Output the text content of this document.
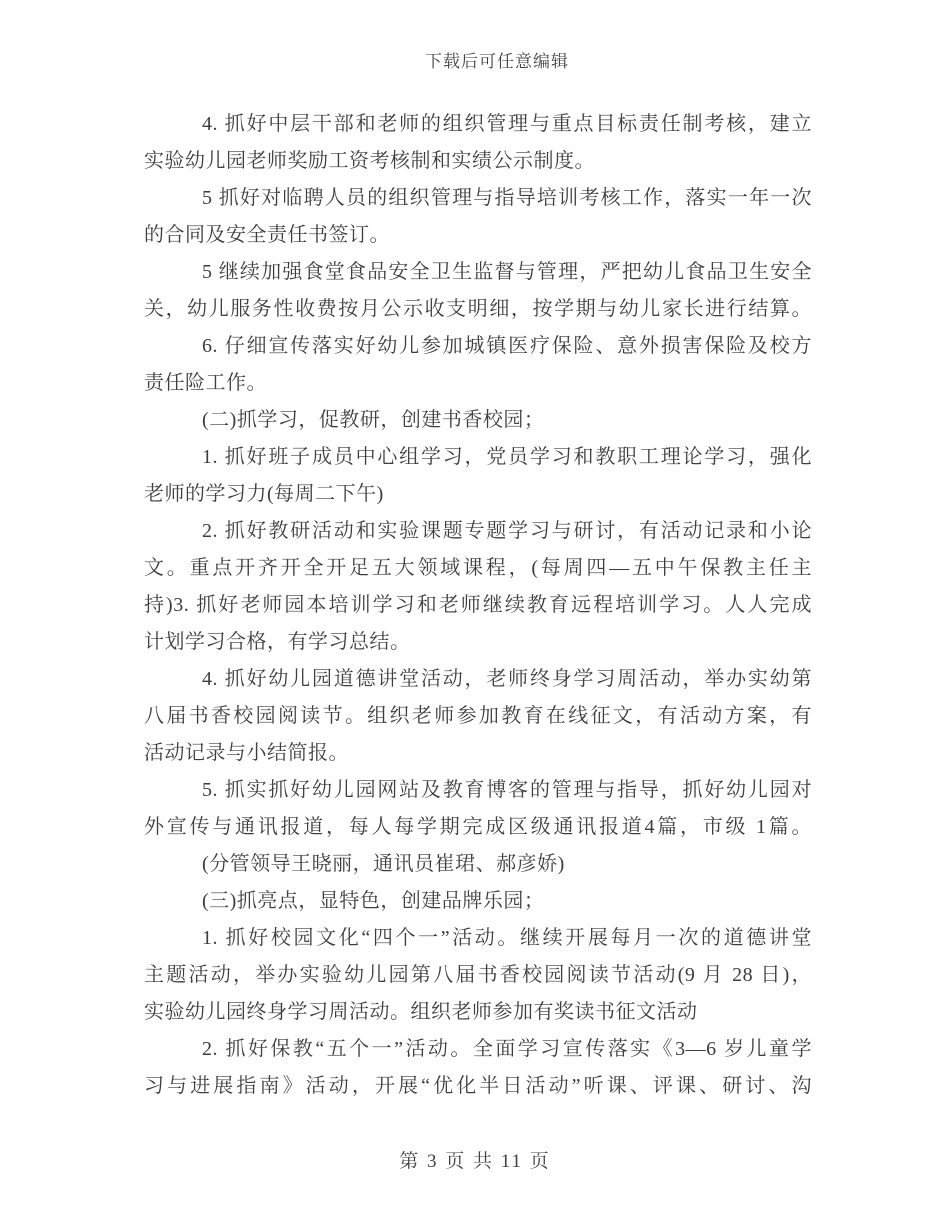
下载后可任意编辑
4. 抓好中层干部和老师的组织管理与重点目标责任制考核，建立
实验幼儿园老师奖励工资考核制和实绩公示制度。
5 抓好对临聘人员的组织管理与指导培训考核工作，落实一年一次
的合同及安全责任书签订。
5 继续加强食堂食品安全卫生监督与管理，严把幼儿食品卫生安全
关，幼儿服务性收费按月公示收支明细，按学期与幼儿家长进行结算。
6. 仔细宣传落实好幼儿参加城镇医疗保险、意外损害保险及校方
责任险工作。
(二)抓学习，促教研，创建书香校园；
1. 抓好班子成员中心组学习，党员学习和教职工理论学习，强化
老师的学习力(每周二下午)
2. 抓好教研活动和实验课题专题学习与研讨，有活动记录和小论
文。重点开齐开全开足五大领域课程，(每周四—五中午保教主任主
持)3. 抓好老师园本培训学习和老师继续教育远程培训学习。人人完成
计划学习合格，有学习总结。
4. 抓好幼儿园道德讲堂活动，老师终身学习周活动，举办实幼第
八届书香校园阅读节。组织老师参加教育在线征文，有活动方案，有
活动记录与小结简报。
5. 抓实抓好幼儿园网站及教育博客的管理与指导，抓好幼儿园对
外宣传与通讯报道，每人每学期完成区级通讯报道4篇，市级 1篇。
(分管领导王晓丽，通讯员崔珺、郝彦娇)
(三)抓亮点，显特色，创建品牌乐园；
1. 抓好校园文化“四个一”活动。继续开展每月一次的道德讲堂
主题活动，举办实验幼儿园第八届书香校园阅读节活动(9 月 28 日)，
实验幼儿园终身学习周活动。组织老师参加有奖读书征文活动
2. 抓好保教“五个一”活动。全面学习宣传落实《3—6 岁儿童学
习与进展指南》活动，开展“优化半日活动”听课、评课、研讨、沟
第 3 页 共 11 页
